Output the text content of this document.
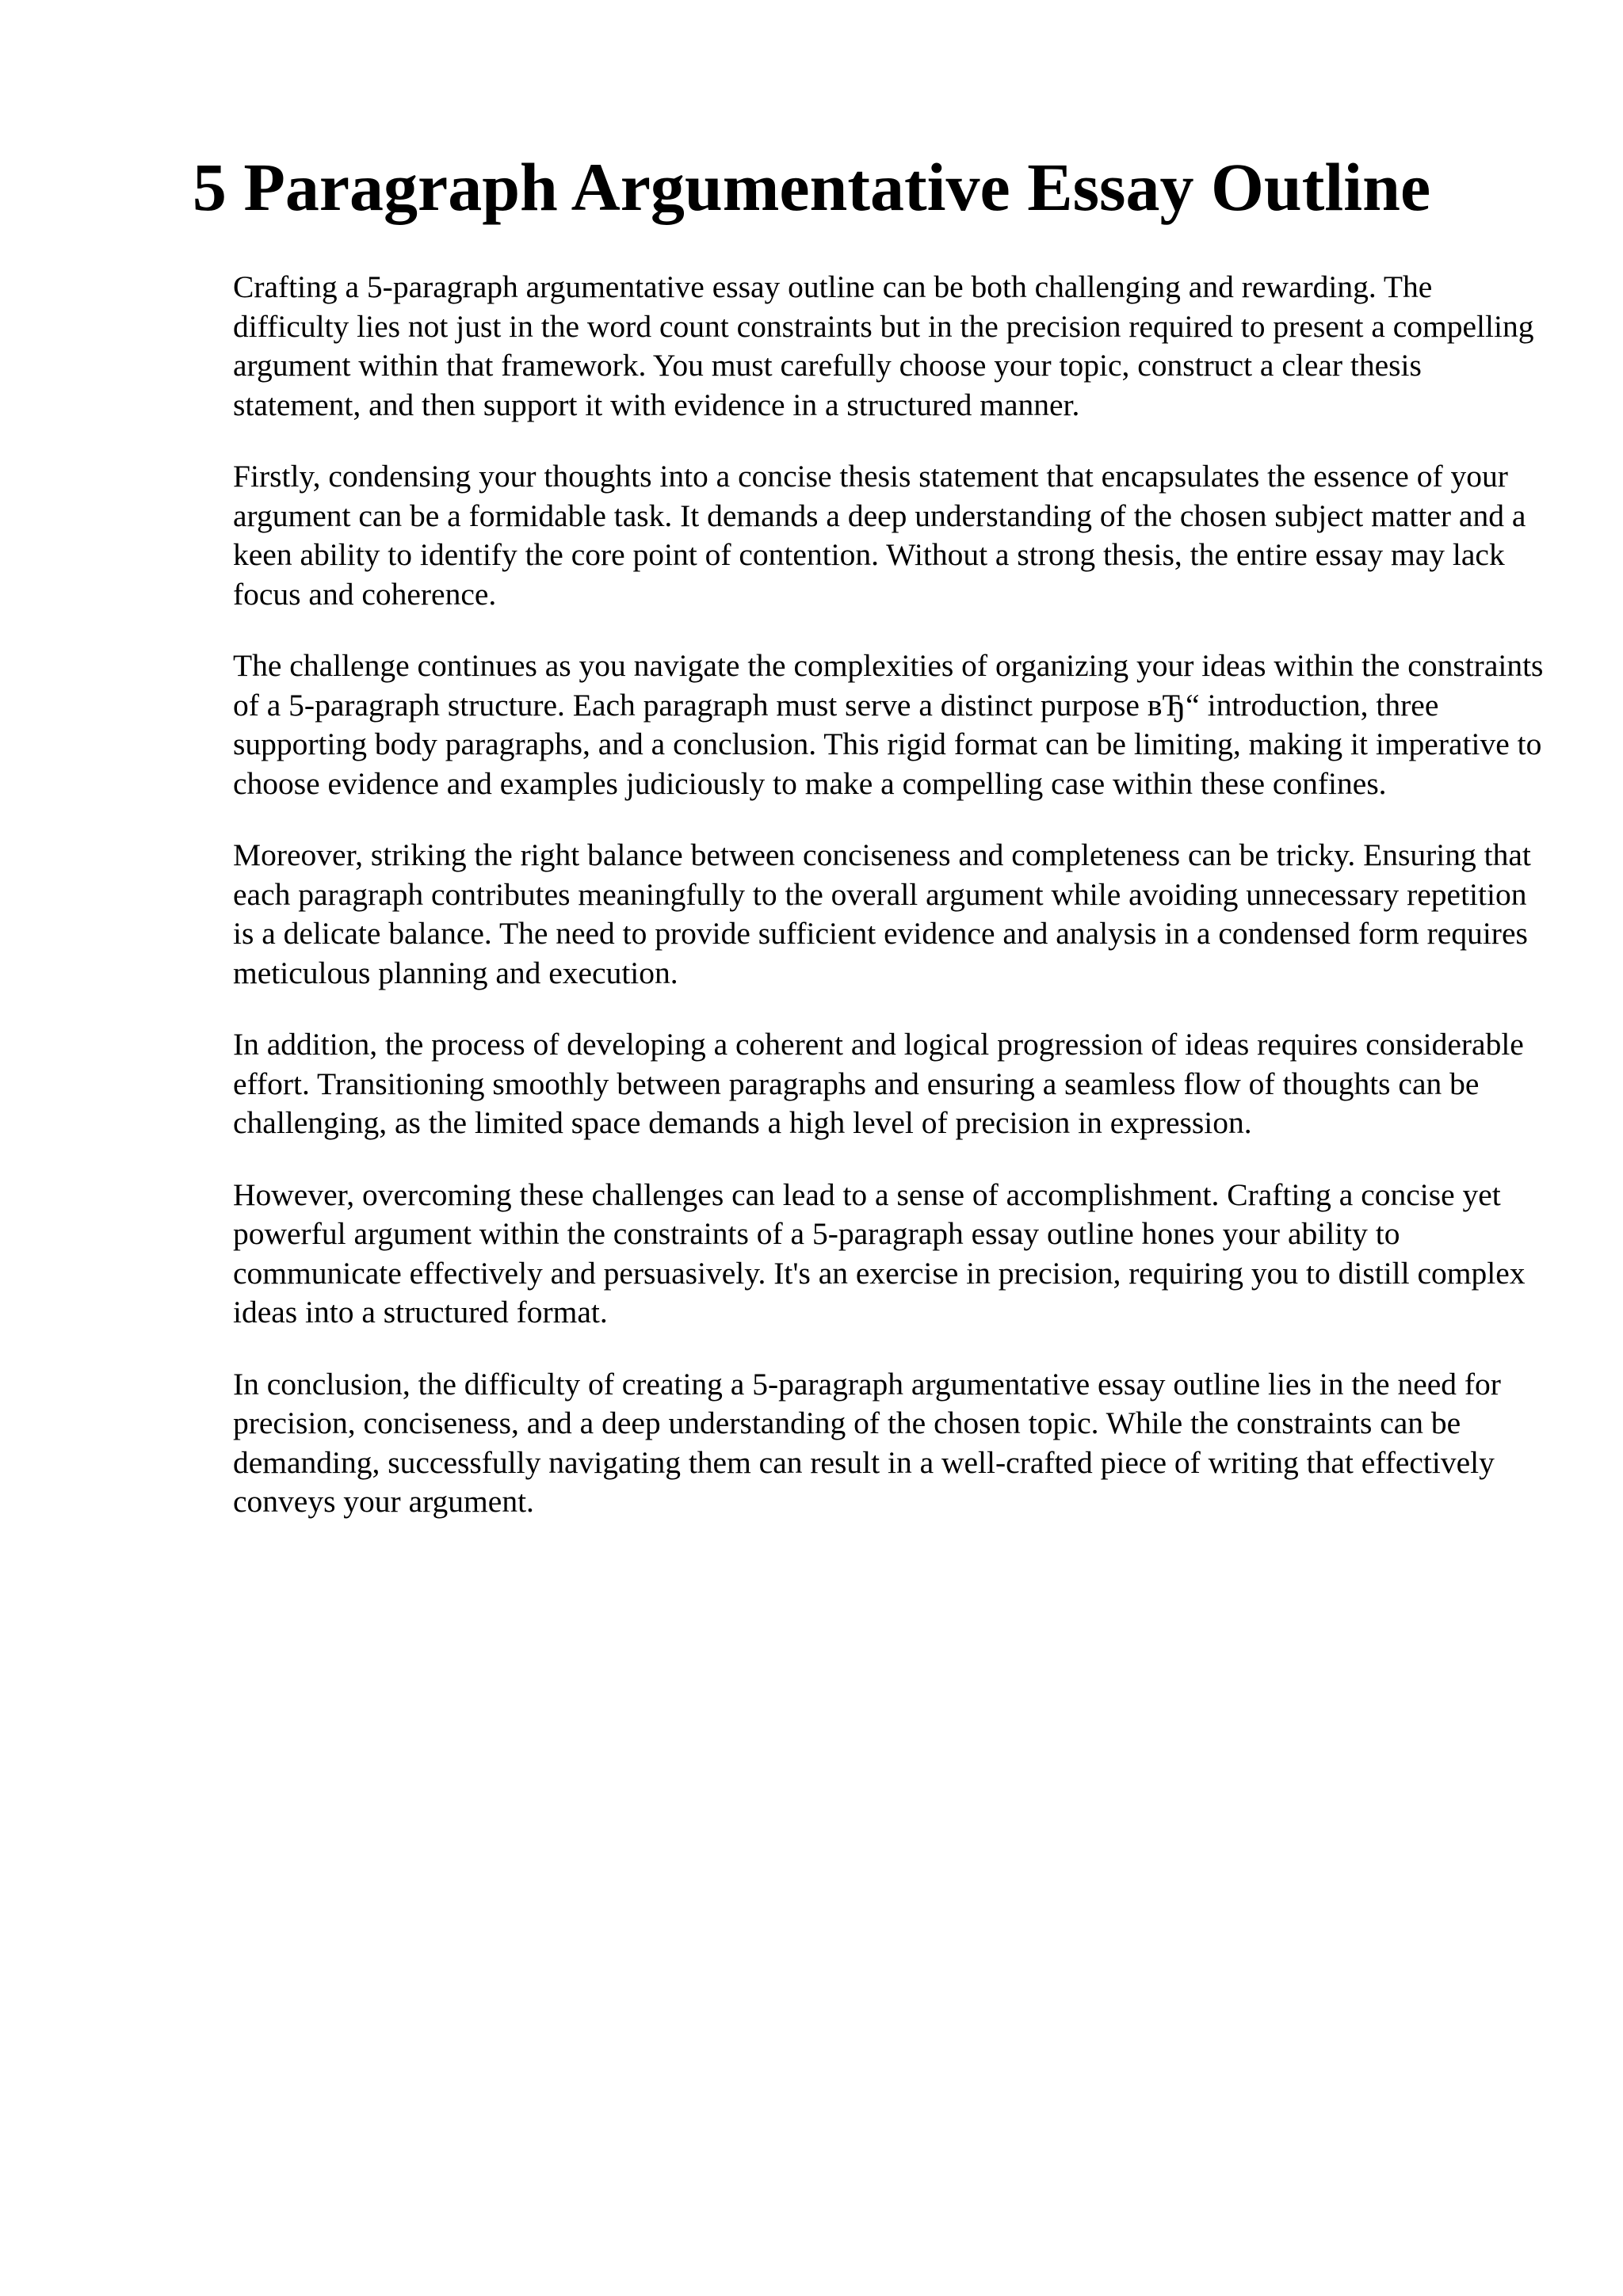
5 Paragraph Argumentative Essay Outline

Crafting a 5-paragraph argumentative essay outline can be both challenging and rewarding. The difficulty lies not just in the word count constraints but in the precision required to present a compelling argument within that framework. You must carefully choose your topic, construct a clear thesis statement, and then support it with evidence in a structured manner.

Firstly, condensing your thoughts into a concise thesis statement that encapsulates the essence of your argument can be a formidable task. It demands a deep understanding of the chosen subject matter and a keen ability to identify the core point of contention. Without a strong thesis, the entire essay may lack focus and coherence.

The challenge continues as you navigate the complexities of organizing your ideas within the constraints of a 5-paragraph structure. Each paragraph must serve a distinct purpose вЂ“ introduction, three supporting body paragraphs, and a conclusion. This rigid format can be limiting, making it imperative to choose evidence and examples judiciously to make a compelling case within these confines.

Moreover, striking the right balance between conciseness and completeness can be tricky. Ensuring that each paragraph contributes meaningfully to the overall argument while avoiding unnecessary repetition is a delicate balance. The need to provide sufficient evidence and analysis in a condensed form requires meticulous planning and execution.

In addition, the process of developing a coherent and logical progression of ideas requires considerable effort. Transitioning smoothly between paragraphs and ensuring a seamless flow of thoughts can be challenging, as the limited space demands a high level of precision in expression.

However, overcoming these challenges can lead to a sense of accomplishment. Crafting a concise yet powerful argument within the constraints of a 5-paragraph essay outline hones your ability to communicate effectively and persuasively. It's an exercise in precision, requiring you to distill complex ideas into a structured format.

In conclusion, the difficulty of creating a 5-paragraph argumentative essay outline lies in the need for precision, conciseness, and a deep understanding of the chosen topic. While the constraints can be demanding, successfully navigating them can result in a well-crafted piece of writing that effectively conveys your argument.
